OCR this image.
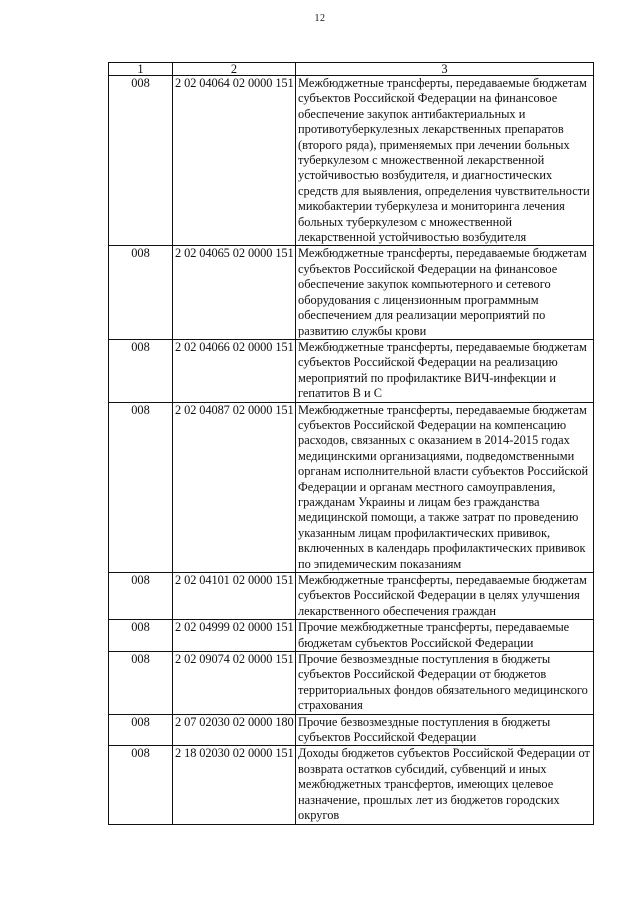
12
1	2	3
008	2 02 04064 02 0000 151	Межбюджетные трансферты, передаваемые бюджетам субъектов Российской Федерации на финансовое обеспечение закупок антибактериальных и противотуберкулезных лекарственных препаратов (второго ряда), применяемых при лечении больных туберкулезом с множественной лекарственной устойчивостью возбудителя, и диагностических средств для выявления, определения чувствительности микобактерии туберкулеза и мониторинга лечения больных туберкулезом с множественной лекарственной устойчивостью возбудителя
008	2 02 04065 02 0000 151	Межбюджетные трансферты, передаваемые бюджетам субъектов Российской Федерации на финансовое обеспечение закупок компьютерного и сетевого оборудования с лицензионным программным обеспечением для реализации мероприятий по развитию службы крови
008	2 02 04066 02 0000 151	Межбюджетные трансферты, передаваемые бюджетам субъектов Российской Федерации на реализацию мероприятий по профилактике ВИЧ-инфекции и гепатитов B и C
008	2 02 04087 02 0000 151	Межбюджетные трансферты, передаваемые бюджетам субъектов Российской Федерации на компенсацию расходов, связанных с оказанием в 2014-2015 годах медицинскими организациями, подведомственными органам исполнительной власти субъектов Российской Федерации и органам местного самоуправления, гражданам Украины и лицам без гражданства медицинской помощи, а также затрат по проведению указанным лицам профилактических прививок, включенных в календарь профилактических прививок по эпидемическим показаниям
008	2 02 04101 02 0000 151	Межбюджетные трансферты, передаваемые бюджетам субъектов Российской Федерации в целях улучшения лекарственного обеспечения граждан
008	2 02 04999 02 0000 151	Прочие межбюджетные трансферты, передаваемые бюджетам субъектов Российской Федерации
008	2 02 09074 02 0000 151	Прочие безвозмездные поступления в бюджеты субъектов Российской Федерации от бюджетов территориальных фондов обязательного медицинского страхования
008	2 07 02030 02 0000 180	Прочие безвозмездные поступления в бюджеты субъектов Российской Федерации
008	2 18 02030 02 0000 151	Доходы бюджетов субъектов Российской Федерации от возврата остатков субсидий, субвенций и иных межбюджетных трансфертов, имеющих целевое назначение, прошлых лет из бюджетов городских округов
